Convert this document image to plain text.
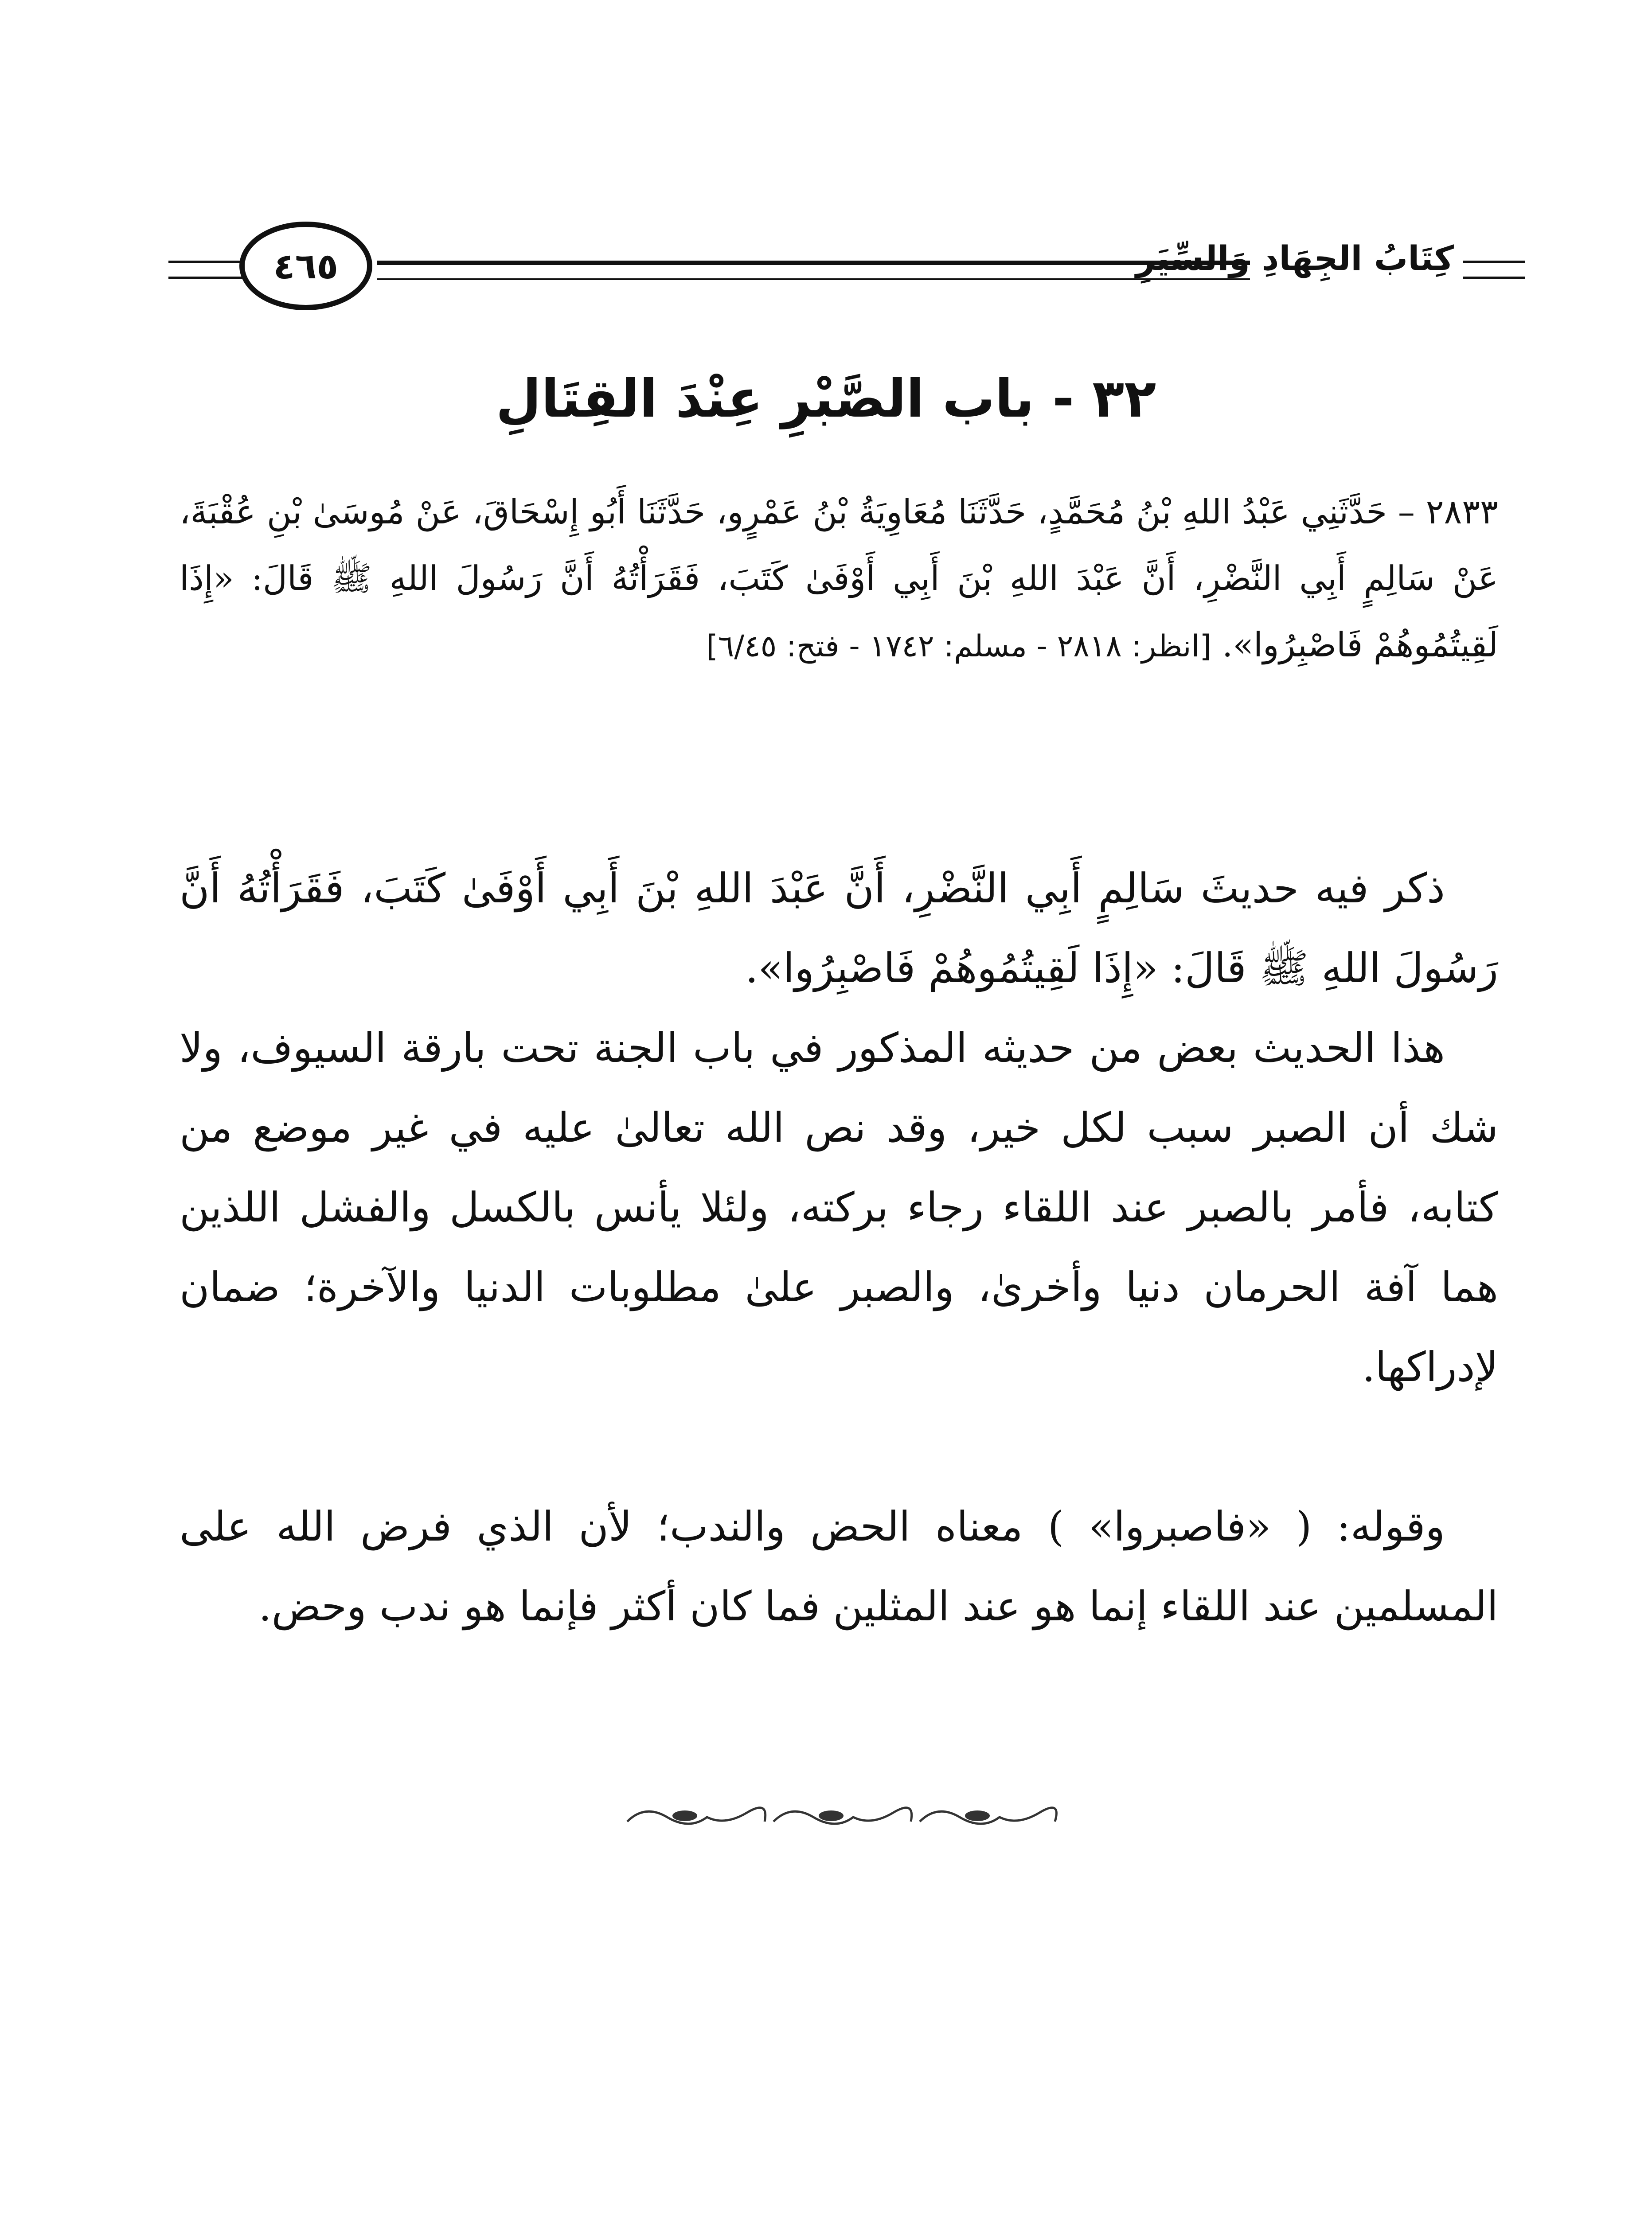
٤٦٥	كِتَابُ الجِهَادِ وَالسِّيَرِ
٣٢ - باب الصَّبْرِ عِنْدَ القِتَالِ
٢٨٣٣ – حَدَّثَنِي عَبْدُ اللهِ بْنُ مُحَمَّدٍ، حَدَّثَنَا مُعَاوِيَةُ بْنُ عَمْرٍو، حَدَّثَنَا أَبُو إِسْحَاقَ، عَنْ مُوسَىٰ بْنِ عُقْبَةَ، عَنْ سَالِمٍ أَبِي النَّضْرِ، أَنَّ عَبْدَ اللهِ بْنَ أَبِي أَوْفَىٰ كَتَبَ، فَقَرَأْتُهُ أَنَّ رَسُولَ اللهِ ﷺ قَالَ: «إِذَا لَقِيتُمُوهُمْ فَاصْبِرُوا». [انظر: ٢٨١٨ - مسلم: ١٧٤٢ - فتح: ٦/٤٥]

ذكر فيه حديثَ سَالِمٍ أَبِي النَّضْرِ، أَنَّ عَبْدَ اللهِ بْنَ أَبِي أَوْفَىٰ كَتَبَ، فَقَرَأْتُهُ أَنَّ رَسُولَ اللهِ ﷺ قَالَ: «إِذَا لَقِيتُمُوهُمْ فَاصْبِرُوا».

هذا الحديث بعض من حديثه المذكور في باب الجنة تحت بارقة السيوف، ولا شك أن الصبر سبب لكل خير، وقد نص الله تعالىٰ عليه في غير موضع من كتابه، فأمر بالصبر عند اللقاء رجاء بركته، ولئلا يأنس بالكسل والفشل اللذين هما آفة الحرمان دنيا وأخرىٰ، والصبر علىٰ مطلوبات الدنيا والآخرة؛ ضمان لإدراكها.

وقوله: ( «فاصبروا» ) معناه الحض والندب؛ لأن الذي فرض الله على المسلمين عند اللقاء إنما هو عند المثلين فما كان أكثر فإنما هو ندب وحض.
